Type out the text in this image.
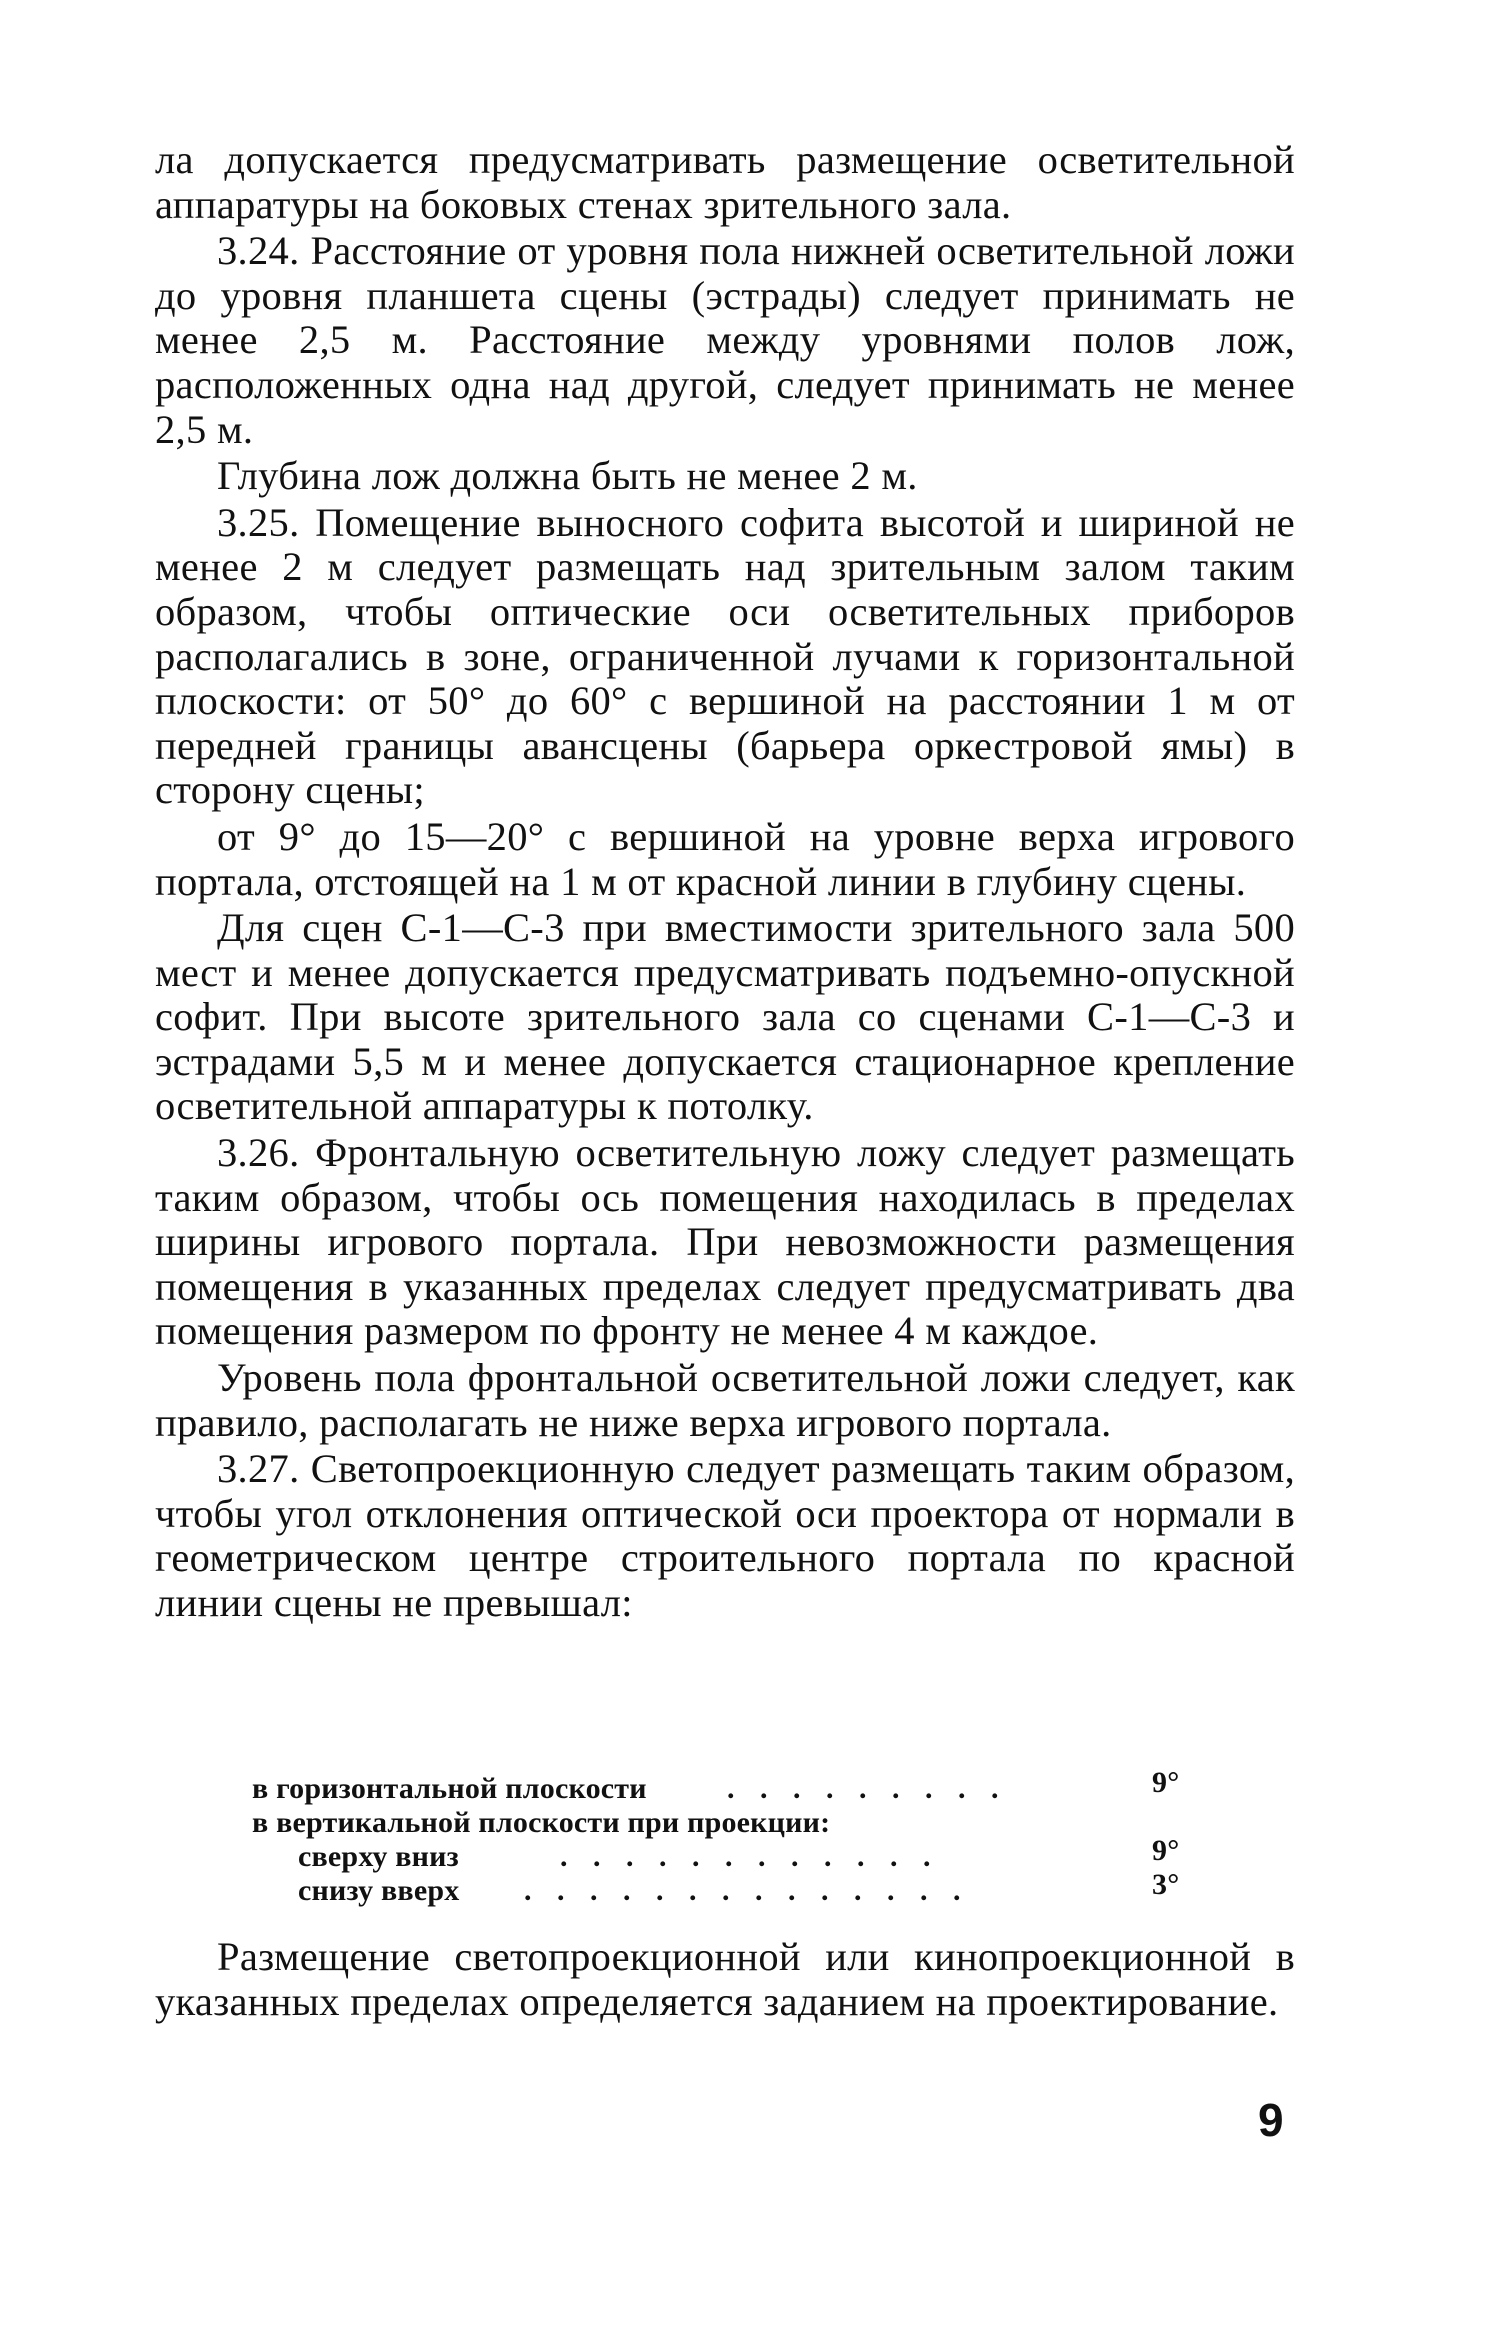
ла допускается предусматривать размещение осветительной аппаратуры на боковых стенах зрительного зала.

3.24. Расстояние от уровня пола нижней осветительной ложи до уровня планшета сцены (эстрады) следует принимать не менее 2,5 м. Расстояние между уровнями полов лож, расположенных одна над другой, следует принимать не менее 2,5 м.

Глубина лож должна быть не менее 2 м.

3.25. Помещение выносного софита высотой и шириной не менее 2 м следует размещать над зрительным залом таким образом, чтобы оптические оси осветительных приборов располагались в зоне, ограниченной лучами к горизонтальной плоскости: от 50° до 60° с вершиной на расстоянии 1 м от передней границы авансцены (барьера оркестровой ямы) в сторону сцены;

от 9° до 15—20° с вершиной на уровне верха игрового портала, отстоящей на 1 м от красной линии в глубину сцены.

Для сцен С-1—С-3 при вместимости зрительного зала 500 мест и менее допускается предусматривать подъемно-опускной софит. При высоте зрительного зала со сценами С-1—С-3 и эстрадами 5,5 м и менее допускается стационарное крепление осветительной аппаратуры к потолку.

3.26. Фронтальную осветительную ложу следует размещать таким образом, чтобы ось помещения находилась в пределах ширины игрового портала. При невозможности размещения помещения в указанных пределах следует предусматривать два помещения размером по фронту не менее 4 м каждое.

Уровень пола фронтальной осветительной ложи следует, как правило, располагать не ниже верха игрового портала.

3.27. Светопроекционную следует размещать таким образом, чтобы угол отклонения оптической оси проектора от нормали в геометрическом центре строительного портала по красной линии сцены не превышал:

в горизонтальной плоскости	. . . . . . . . .	9°
в вертикальной плоскости при проекции:
сверху вниз	. . . . . . . . . . . .	9°
снизу вверх . . . . . . . . . . . . . .	3°

Размещение светопроекционной или кинопроекционной в указанных пределах определяется заданием на проектирование.

9
